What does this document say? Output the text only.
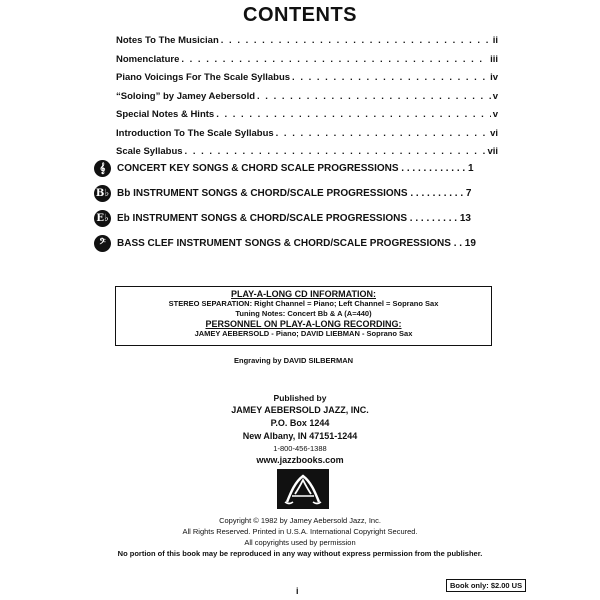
CONTENTS
Notes To The Musician . . .	ii
Nomenclature . . .	iii
Piano Voicings For The Scale Syllabus . . .	iv
“Soloing” by Jamey Aebersold . . .	v
Special Notes & Hints . . .	v
Introduction To The Scale Syllabus . . .	vi
Scale Syllabus . . .	vii
𝄞	CONCERT KEY SONGS & CHORD SCALE PROGRESSIONS . . . . . . . . . . . . 1
B♭ Bb INSTRUMENT SONGS & CHORD/SCALE PROGRESSIONS . . . . . . . . . . 7
E♭ Eb INSTRUMENT SONGS & CHORD/SCALE PROGRESSIONS . . . . . . . . . 13
𝄢	BASS CLEF INSTRUMENT SONGS & CHORD/SCALE PROGRESSIONS . . 19
PLAY-A-LONG CD INFORMATION:
STEREO SEPARATION: Right Channel = Piano; Left Channel = Soprano Sax
Tuning Notes: Concert Bb & A (A=440)
PERSONNEL ON PLAY-A-LONG RECORDING:
JAMEY AEBERSOLD - Piano; DAVID LIEBMAN - Soprano Sax
Engraving by DAVID SILBERMAN
Published by
JAMEY AEBERSOLD JAZZ, INC.
P.O. Box 1244
New Albany, IN 47151-1244
1-800-456-1388
www.jazzbooks.com
Copyright © 1982 by Jamey Aebersold Jazz, Inc.
All Rights Reserved. Printed in U.S.A. International Copyright Secured.
All copyrights used by permission
No portion of this book may be reproduced in any way without express permission from the publisher.
Book only: $2.00 US
i
